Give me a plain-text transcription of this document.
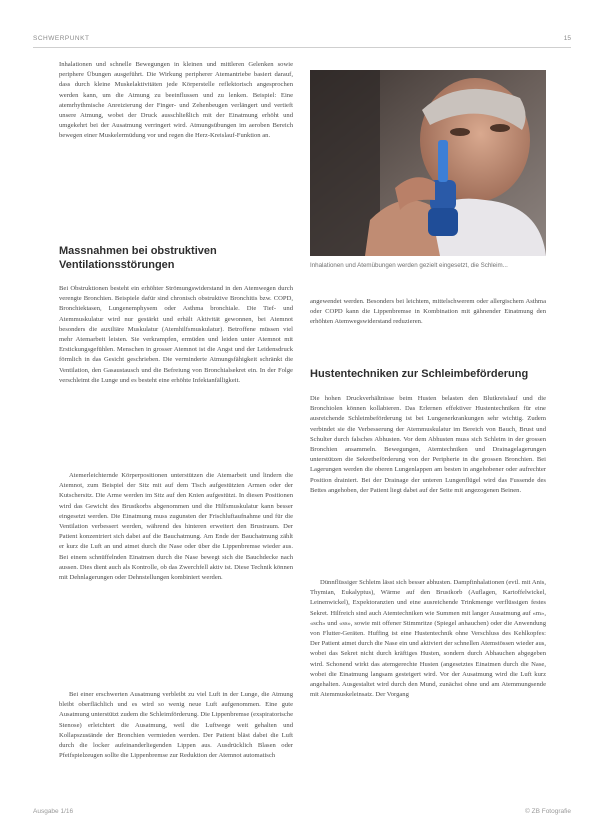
SCHWERPUNKT	15

Inhalationen und schnelle Bewegungen in kleinen und mittleren Gelenken sowie periphere Übungen ausgeführt. Die Wirkung peripherer Atemantriebe basiert darauf, dass durch kleine Muskelaktivitäten jede Körperstelle reflektorisch angesprochen werden kann, um die Atmung zu beeinflussen und zu lenken. Beispiel: Eine atemrhythmische Anreizierung der Finger- und Zehenbeugen verlängert und vertieft unsere Atmung, wobei der Druck ausschließlich mit der Einatmung erhöht und umgekehrt bei der Ausatmung verringert wird. Atmungsübungen im aeroben Bereich bewegen einer Muskelermüdung vor und regen die Herz-Kreislauf-Funktion an.

Massnahmen bei obstruktiven Ventilationsstörungen

Bei Obstruktionen besteht ein erhöhter Strömungswiderstand in den Atemwegen durch verengte Bronchien. Beispiele dafür sind chronisch obstruktive Bronchitis bzw. COPD, Bronchiektasen, Lungenemphysem oder Asthma bronchiale. Die Tief- und Atemmuskulatur wird nur gestärkt und erhält Aktivität gewonnen, bei Atemnot besonders die auxiliäre Muskulatur (Atemhilfsmuskulatur). Betroffene müssen viel mehr Atemarbeit leisten. Sie verkrampfen, ermüden und leiden unter Atemnot mit Erstickungsgefühlen. Menschen in grosser Atemnot ist die Angst und der Leidensdruck förmlich in das Gesicht geschrieben. Die verminderte Atmungsfähigkeit schränkt die Ventilation, den Gasaustausch und die Befreiung von Bronchialsekret ein. In der Folge verschleimt die Lunge und es besteht eine erhöhte Infektanfälligkeit.

Atemerleichternde Körperpositionen unterstützen die Atemarbeit und lindern die Atemnot, zum Beispiel der Sitz mit auf dem Tisch aufgestützten Armen oder der Kutschersitz. Die Arme werden im Sitz auf den Knien aufgestützt. In diesen Positionen wird das Gewicht des Brustkorbs abgenommen und die Hilfsmuskulatur kann besser eingesetzt werden. Die Einatmung muss zugunsten der Frischluftaufnahme und für die Ventilation verbessert werden, während des hinteren erweitert den Brustraum. Der Patient konzentriert sich dabei auf die Bauchatmung. Am Ende der Bauchatmung zählt er kurz die Luft an und atmet durch die Nase oder über die Lippenbremse wieder aus. Bei einem schnüffelnden Einatmen durch die Nase bewegt sich die Bauchdecke nach aussen. Dies dient auch als Kontrolle, ob das Zwerchfell aktiv ist. Diese Technik können mit Dehnlagerungen oder Dehnstellungen kombiniert werden.

Bei einer erschwerten Ausatmung verbleibt zu viel Luft in der Lunge, die Atmung bleibt oberflächlich und es wird so wenig neue Luft aufgenommen. Eine gute Ausatmung unterstützt zudem die Schleimförderung. Die Lippenbremse (exspiratorische Stenose) erleichtert die Ausatmung, weil die Luftwege weit gehalten und Kollapszustände der Bronchien vermieden werden. Der Patient bläst dabei die Luft durch die locker aufeinanderliegenden Lippen aus. Ausdrücklich Blasen oder Pfeifspielzeugen sollte die Lippenbremse zur Reduktion der Atemnot automatisch

Inhalationen und Atemübungen werden gezielt eingesetzt, die Schleim...

angewendet werden. Besonders bei leichtem, mittelschwerem oder allergischem Asthma oder COPD kann die Lippenbremse in Kombination mit gähnender Einatmung den erhöhten Atemwegswiderstand reduzieren.

Hustentechniken zur Schleimbeförderung

Die hohen Druckverhältnisse beim Husten belasten den Blutkreislauf und die Bronchiolen können kollabieren. Das Erlernen effektiver Hustentechniken für eine ausreichende Schleimbeförderung ist bei Lungenerkrankungen sehr wichtig. Zudem verbindet sie die Verbesserung der Atemmuskulatur im Bereich von Bauch, Brust und Schulter durch falsches Abhusten. Vor dem Abhusten muss sich Schleim in der grossen Bronchien ansammeln. Bewegungen, Atemtechniken und Drainagelagerungen unterstützen die Sekretbeförderung von der Peripherie in die grossen Bronchien. Bei Lagerungen werden die oberen Lungenlappen am besten in angehobener oder aufrechter Position drainiert. Bei der Drainage der unteren Lungenflügel wird das Fussende des Bettes angehoben, der Patient liegt dabei auf der Seite mit angezogenen Beinen.

Dünnflüssiger Schleim lässt sich besser abhusten. Dampfinhalationen (evtl. mit Anis, Thymian, Eukalyptus), Wärme auf den Brustkorb (Auflagen, Kartoffelwickel, Leinenwickel), Expektoranzien und eine ausreichende Trinkmenge verflüssigen festes Sekret. Hilfreich sind auch Atemtechniken wie Summen mit langer Ausatmung auf «m», «sch» und «ss», sowie mit offener Stimmritze (Spiegel anhauchen) oder die Anwendung von Flutter-Geräten. Huffing ist eine Hustentechnik ohne Verschluss des Kehlkopfes: Der Patient atmet durch die Nase ein und aktiviert der schnellen Atemstössen wieder aus, wobei das Sekret nicht durch kräftiges Husten, sondern durch Abhauchen abgegeben wird. Schonend wirkt das atemgerechte Husten (angesetztes Einatmen durch die Nase, wobei die Einatmung langsam gesteigert wird. Vor der Ausatmung wird die Luft kurz angehalten. Ausgestaltet wird durch den Mund, zunächst ohne und am Atemmungsende mit Atemmuskeleinsatz. Der Vorgang

Ausgabe 1/16	© ZB Fotografie
